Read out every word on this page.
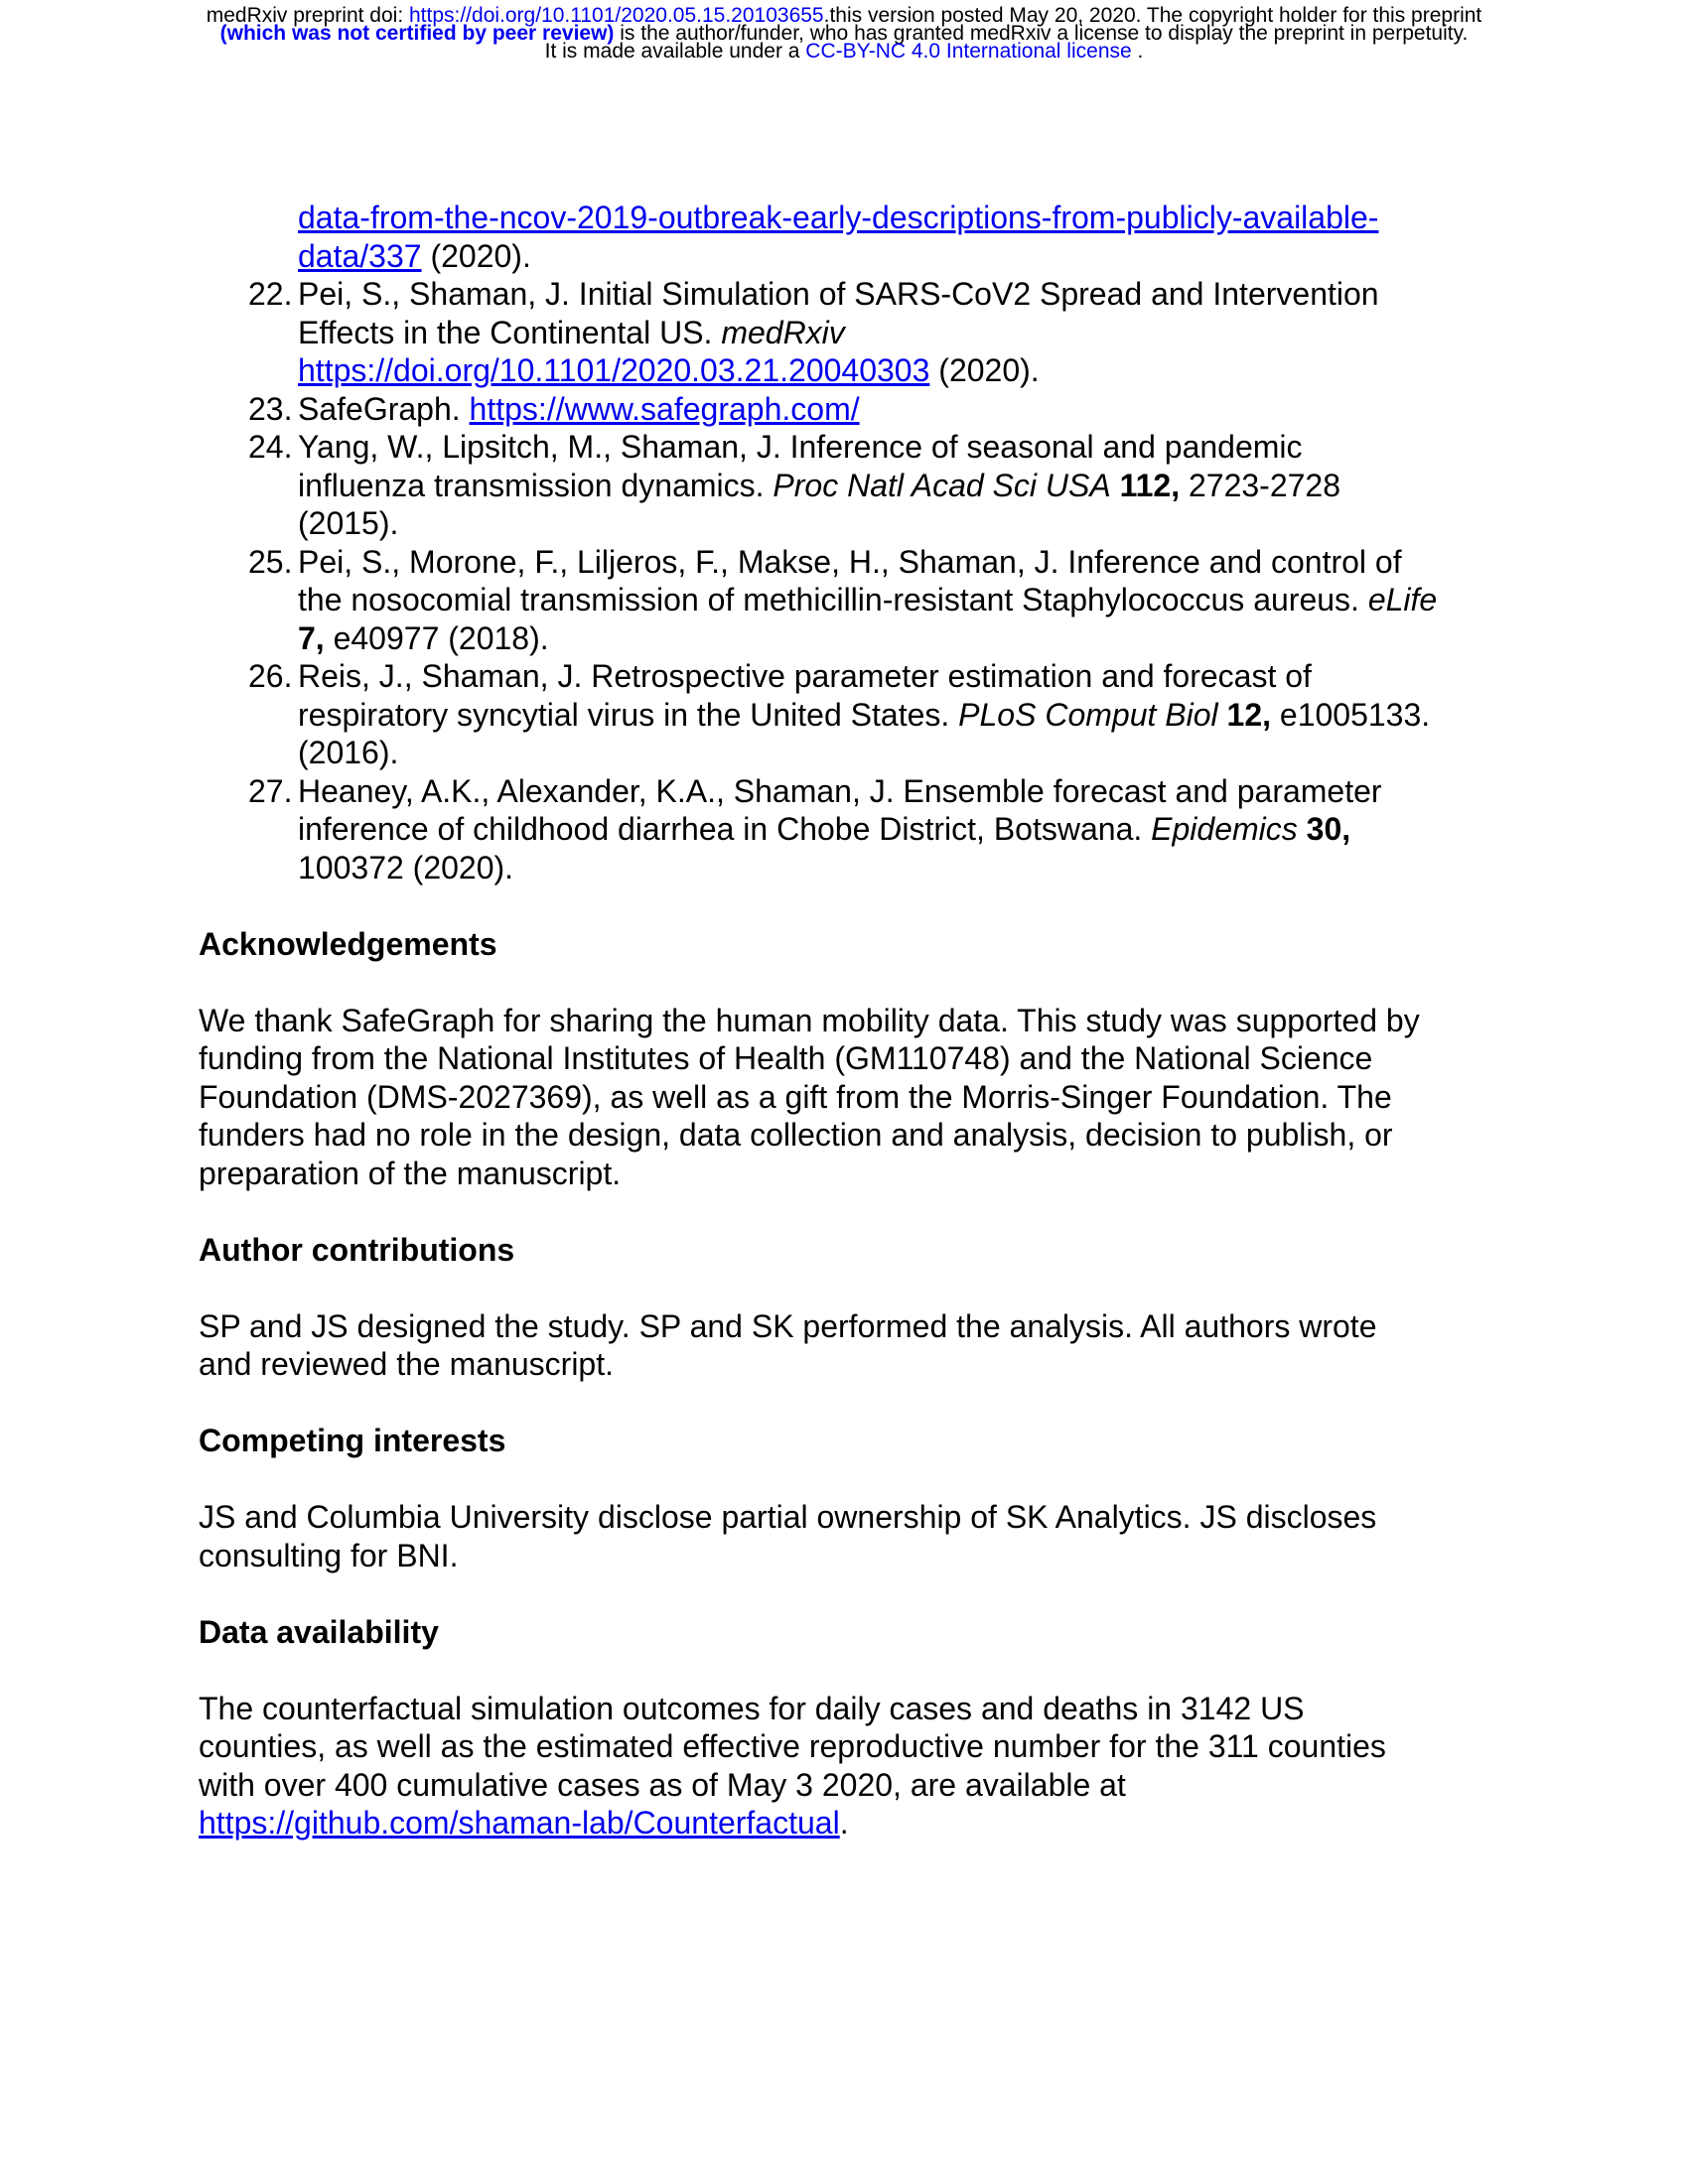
medRxiv preprint doi: https://doi.org/10.1101/2020.05.15.20103655.this version posted May 20, 2020. The copyright holder for this preprint
(which was not certified by peer review) is the author/funder, who has granted medRxiv a license to display the preprint in perpetuity.
It is made available under a CC-BY-NC 4.0 International license .
data-from-the-ncov-2019-outbreak-early-descriptions-from-publicly-available-
data/337 (2020).
22. Pei, S., Shaman, J. Initial Simulation of SARS-CoV2 Spread and Intervention
Effects in the Continental US. medRxiv
https://doi.org/10.1101/2020.03.21.20040303 (2020).
23. SafeGraph. https://www.safegraph.com/
24. Yang, W., Lipsitch, M., Shaman, J. Inference of seasonal and pandemic
influenza transmission dynamics. Proc Natl Acad Sci USA 112, 2723-2728
(2015).
25. Pei, S., Morone, F., Liljeros, F., Makse, H., Shaman, J. Inference and control of
the nosocomial transmission of methicillin-resistant Staphylococcus aureus. eLife
7, e40977 (2018).
26. Reis, J., Shaman, J. Retrospective parameter estimation and forecast of
respiratory syncytial virus in the United States. PLoS Comput Biol 12, e1005133.
(2016).
27. Heaney, A.K., Alexander, K.A., Shaman, J. Ensemble forecast and parameter
inference of childhood diarrhea in Chobe District, Botswana. Epidemics 30,
100372 (2020).
Acknowledgements
We thank SafeGraph for sharing the human mobility data. This study was supported by
funding from the National Institutes of Health (GM110748) and the National Science
Foundation (DMS-2027369), as well as a gift from the Morris-Singer Foundation. The
funders had no role in the design, data collection and analysis, decision to publish, or
preparation of the manuscript.
Author contributions
SP and JS designed the study. SP and SK performed the analysis. All authors wrote
and reviewed the manuscript.
Competing interests
JS and Columbia University disclose partial ownership of SK Analytics. JS discloses
consulting for BNI.
Data availability
The counterfactual simulation outcomes for daily cases and deaths in 3142 US
counties, as well as the estimated effective reproductive number for the 311 counties
with over 400 cumulative cases as of May 3 2020, are available at
https://github.com/shaman-lab/Counterfactual.
